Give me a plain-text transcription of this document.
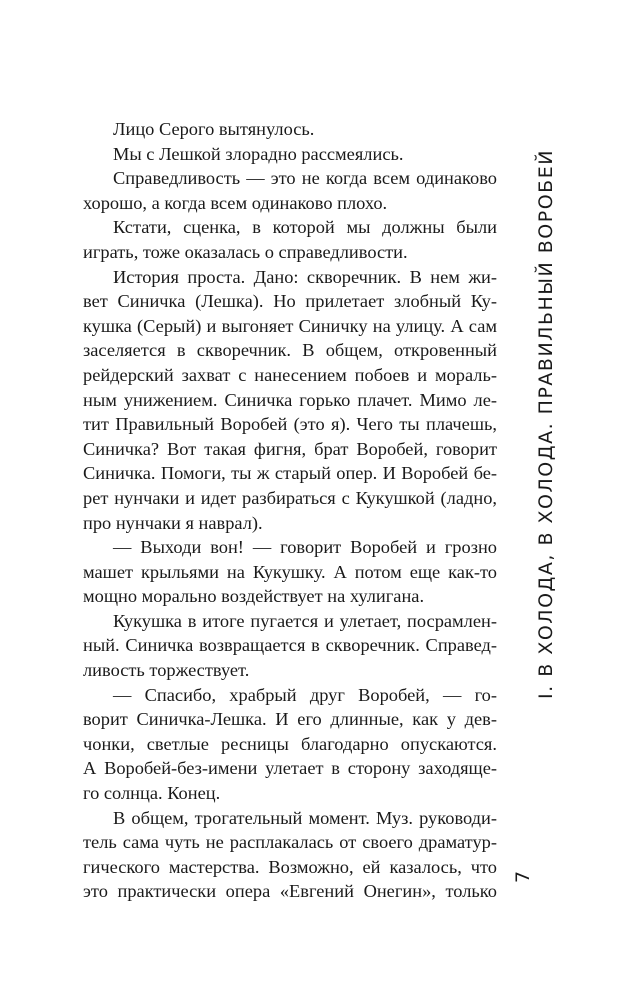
Лицо Серого вытянулось.
Мы с Лешкой злорадно рассмеялись.
Справедливость — это не когда всем одинаково
хорошо, а когда всем одинаково плохо.
Кстати, сценка, в которой мы должны были
играть, тоже оказалась о справедливости.
История проста. Дано: скворечник. В нем жи-
вет Синичка (Лешка). Но прилетает злобный Ку-
кушка (Серый) и выгоняет Синичку на улицу. А сам
заселяется в скворечник. В общем, откровенный
рейдерский захват с нанесением побоев и мораль-
ным унижением. Синичка горько плачет. Мимо ле-
тит Правильный Воробей (это я). Чего ты плачешь,
Синичка? Вот такая фигня, брат Воробей, говорит
Синичка. Помоги, ты ж старый опер. И Воробей бе-
рет нунчаки и идет разбираться с Кукушкой (ладно,
про нунчаки я наврал).
— Выходи вон! — говорит Воробей и грозно
машет крыльями на Кукушку. А потом еще как-то
мощно морально воздействует на хулигана.
Кукушка в итоге пугается и улетает, посрамлен-
ный. Синичка возвращается в скворечник. Справед-
ливость торжествует.
— Спасибо, храбрый друг Воробей, — го-
ворит Синичка-Лешка. И его длинные, как у дев-
чонки, светлые ресницы благодарно опускаются.
А Воробей-без-имени улетает в сторону заходяще-
го солнца. Конец.
В общем, трогательный момент. Муз. руководи-
тель сама чуть не расплакалась от своего драматур-
гического мастерства. Возможно, ей казалось, что
это практически опера «Евгений Онегин», только
I. В ХОЛОДА, В ХОЛОДА. ПРАВИЛЬНЫЙ ВОРОБЕЙ
7
